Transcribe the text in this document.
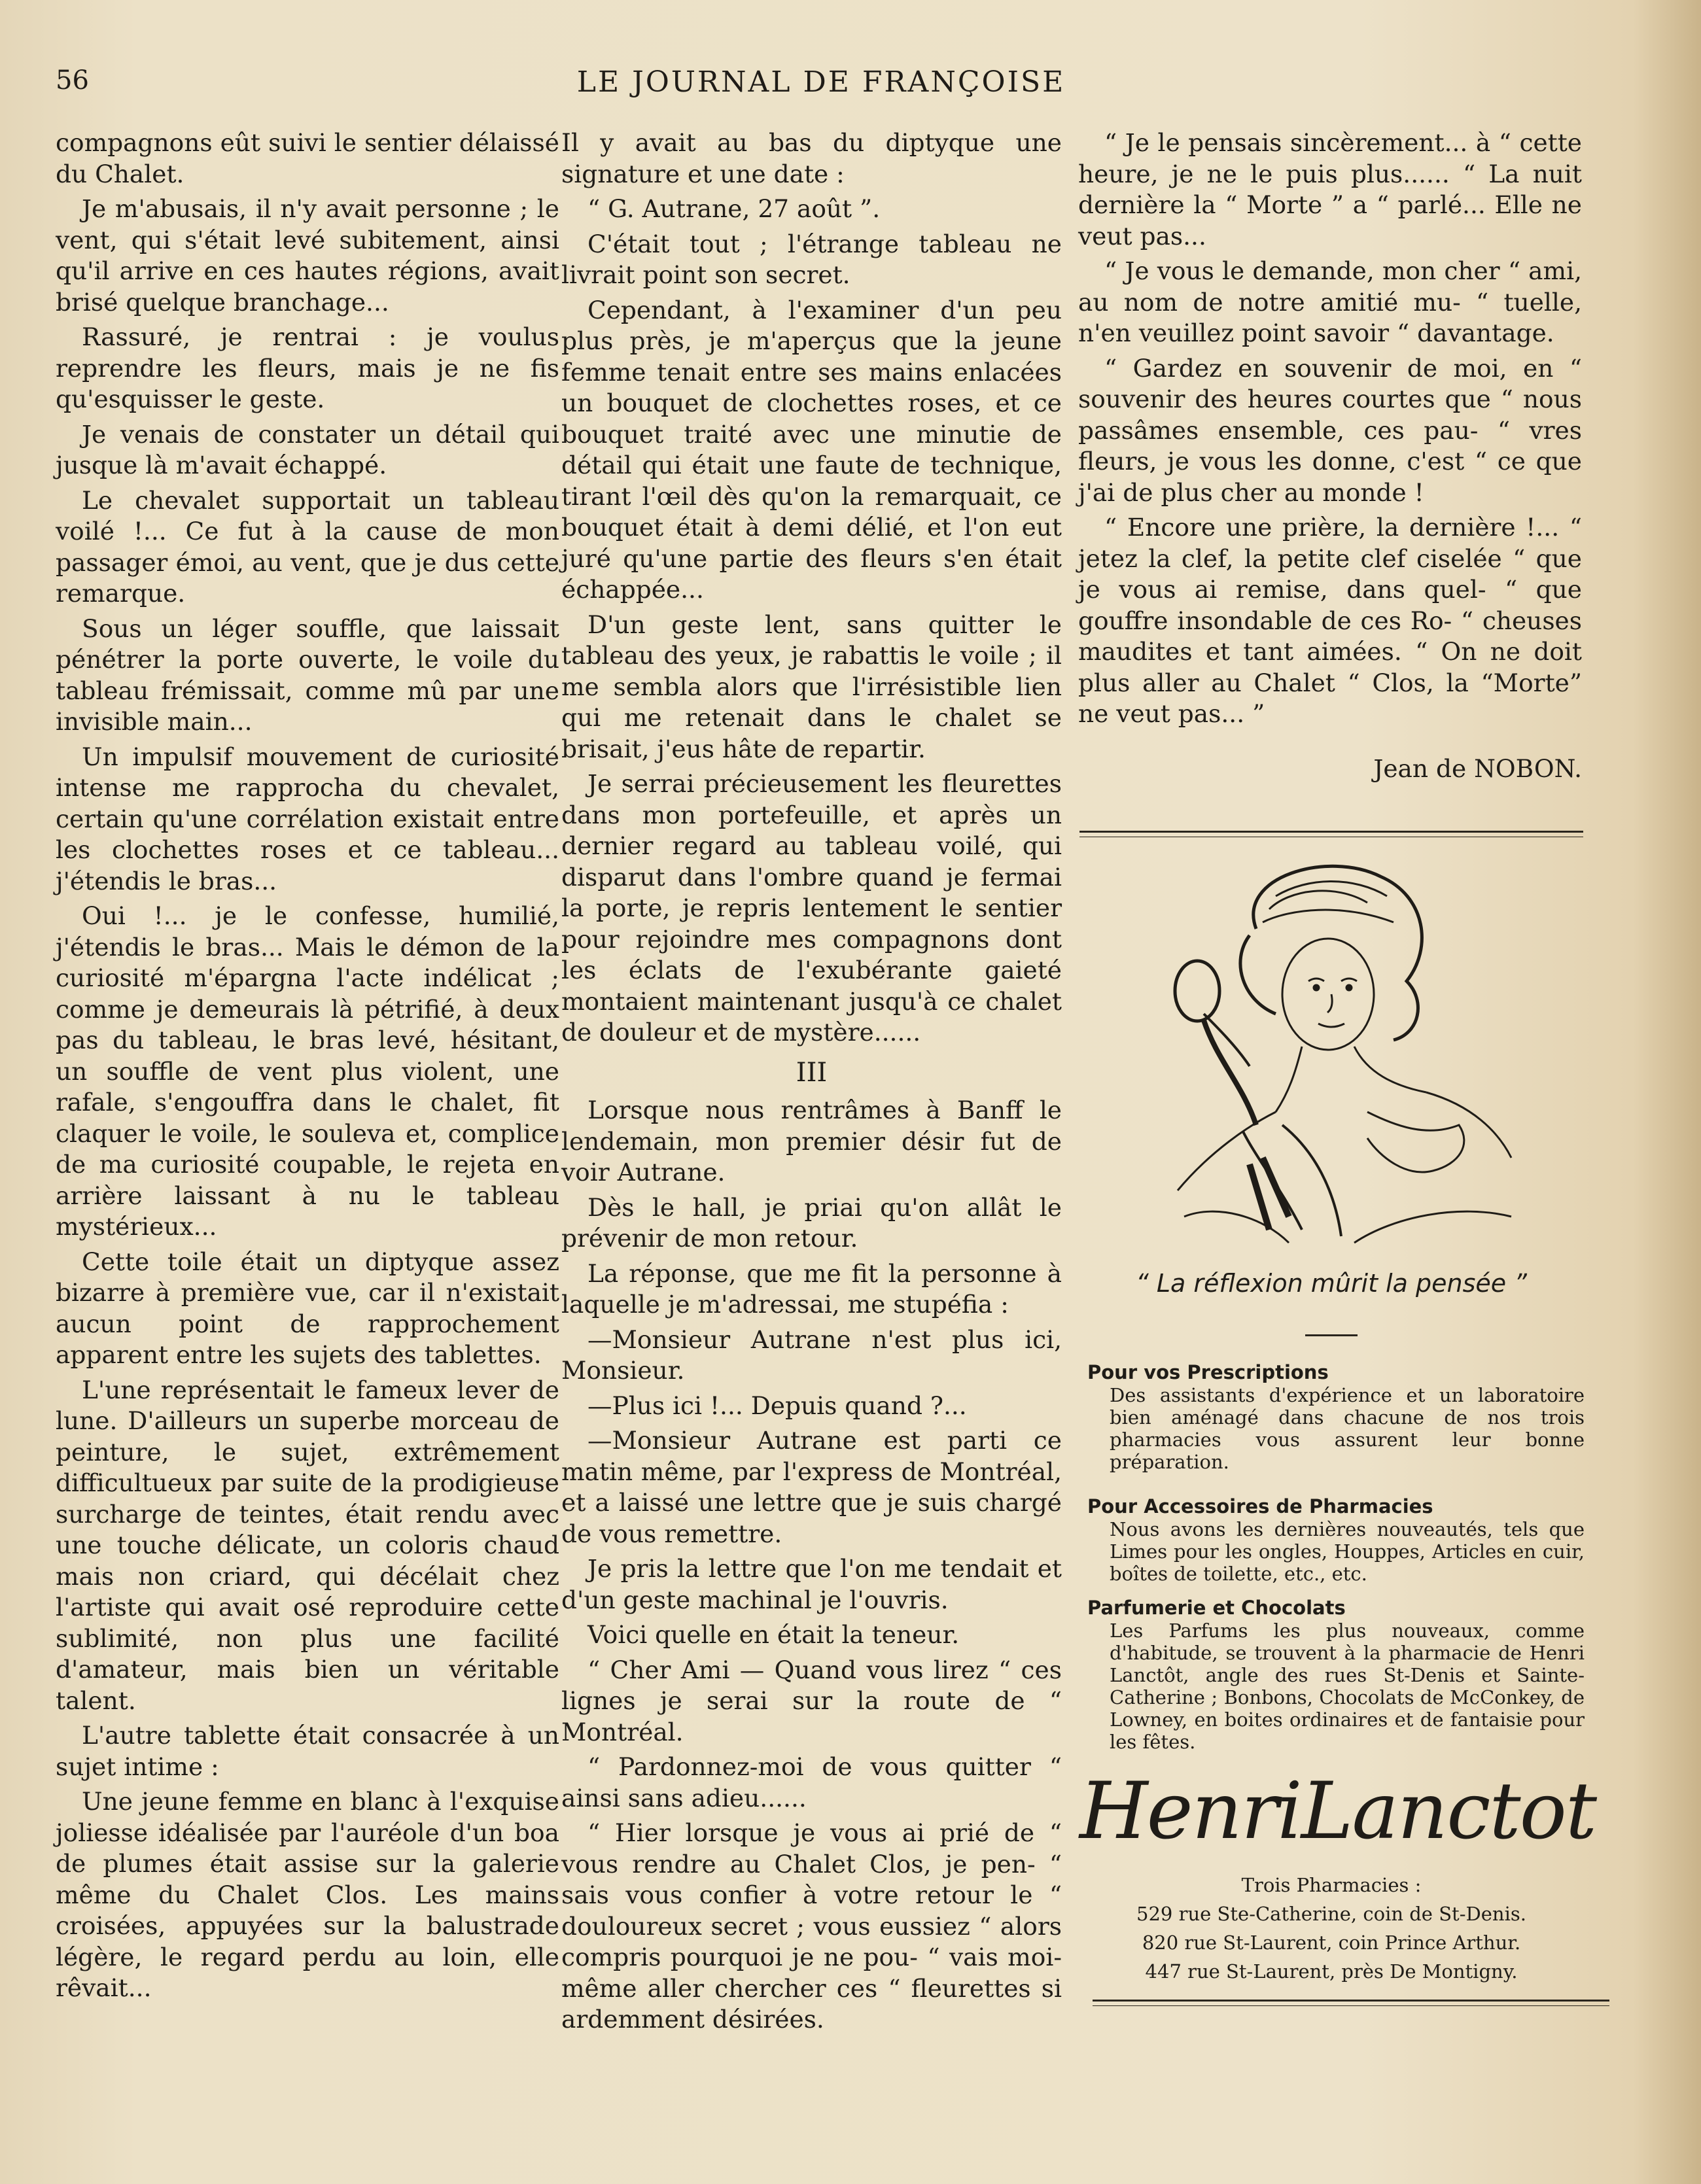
56	LE JOURNAL DE FRANÇOISE

compagnons eût suivi le sentier délaissé du Chalet.

Je m'abusais, il n'y avait personne ; le vent, qui s'était levé subitement, ainsi qu'il arrive en ces hautes régions, avait brisé quelque branchage...

Rassuré, je rentrai : je voulus reprendre les fleurs, mais je ne fis qu'esquisser le geste.

Je venais de constater un détail qui jusque là m'avait échappé.

Le chevalet supportait un tableau voilé !... Ce fut à la cause de mon passager émoi, au vent, que je dus cette remarque.

Sous un léger souffle, que laissait pénétrer la porte ouverte, le voile du tableau frémissait, comme mû par une invisible main...

Un impulsif mouvement de curiosité intense me rapprocha du chevalet, certain qu'une corrélation existait entre les clochettes roses et ce tableau... j'étendis le bras...

Oui !... je le confesse, humilié, j'étendis le bras... Mais le démon de la curiosité m'épargna l'acte indélicat ; comme je demeurais là pétrifié, à deux pas du tableau, le bras levé, hésitant, un souffle de vent plus violent, une rafale, s'engouffra dans le chalet, fit claquer le voile, le souleva et, complice de ma curiosité coupable, le rejeta en arrière laissant à nu le tableau mystérieux...

Cette toile était un diptyque assez bizarre à première vue, car il n'existait aucun point de rapprochement apparent entre les sujets des tablettes.

L'une représentait le fameux lever de lune. D'ailleurs un superbe morceau de peinture, le sujet, extrêmement difficultueux par suite de la prodigieuse surcharge de teintes, était rendu avec une touche délicate, un coloris chaud mais non criard, qui décélait chez l'artiste qui avait osé reproduire cette sublimité, non plus une facilité d'amateur, mais bien un véritable talent.

L'autre tablette était consacrée à un sujet intime :

Une jeune femme en blanc à l'exquise joliesse idéalisée par l'auréole d'un boa de plumes était assise sur la galerie même du Chalet Clos. Les mains croisées, appuyées sur la balustrade légère, le regard perdu au loin, elle rêvait...

Il y avait au bas du diptyque une signature et une date :

“ G. Autrane, 27 août ”.

C'était tout ; l'étrange tableau ne livrait point son secret.

Cependant, à l'examiner d'un peu plus près, je m'aperçus que la jeune femme tenait entre ses mains enlacées un bouquet de clochettes roses, et ce bouquet traité avec une minutie de détail qui était une faute de technique, tirant l'œil dès qu'on la remarquait, ce bouquet était à demi délié, et l'on eut juré qu'une partie des fleurs s'en était échappée...

D'un geste lent, sans quitter le tableau des yeux, je rabattis le voile ; il me sembla alors que l'irrésistible lien qui me retenait dans le chalet se brisait, j'eus hâte de repartir.

Je serrai précieusement les fleurettes dans mon portefeuille, et après un dernier regard au tableau voilé, qui disparut dans l'ombre quand je fermai la porte, je repris lentement le sentier pour rejoindre mes compagnons dont les éclats de l'exubérante gaieté montaient maintenant jusqu'à ce chalet de douleur et de mystère......

III

Lorsque nous rentrâmes à Banff le lendemain, mon premier désir fut de voir Autrane.

Dès le hall, je priai qu'on allât le prévenir de mon retour.

La réponse, que me fit la personne à laquelle je m'adressai, me stupéfia :

—Monsieur Autrane n'est plus ici, Monsieur.

—Plus ici !... Depuis quand ?...

—Monsieur Autrane est parti ce matin même, par l'express de Montréal, et a laissé une lettre que je suis chargé de vous remettre.

Je pris la lettre que l'on me tendait et d'un geste machinal je l'ouvris.

Voici quelle en était la teneur.

“ Cher Ami — Quand vous lirez “ ces lignes je serai sur la route de “ Montréal.

“ Pardonnez-moi de vous quitter “ ainsi sans adieu......

“ Hier lorsque je vous ai prié de “ vous rendre au Chalet Clos, je pen- “ sais vous confier à votre retour le “ douloureux secret ; vous eussiez “ alors compris pourquoi je ne pou- “ vais moi-même aller chercher ces “ fleurettes si ardemment désirées.

“ Je le pensais sincèrement... à “ cette heure, je ne le puis plus...... “ La nuit dernière la “ Morte ” a “ parlé... Elle ne veut pas...

“ Je vous le demande, mon cher “ ami, au nom de notre amitié mu- “ tuelle, n'en veuillez point savoir “ davantage.

“ Gardez en souvenir de moi, en “ souvenir des heures courtes que “ nous passâmes ensemble, ces pau- “ vres fleurs, je vous les donne, c'est “ ce que j'ai de plus cher au monde !

“ Encore une prière, la dernière !... “ jetez la clef, la petite clef ciselée “ que je vous ai remise, dans quel- “ que gouffre insondable de ces Ro- “ cheuses maudites et tant aimées. “ On ne doit plus aller au Chalet “ Clos, la “Morte” ne veut pas... ”

Jean de NOBON.

“ La réflexion mûrit la pensée ”
Pour vos Prescriptions
Des assistants d'expérience et un laboratoire bien aménagé dans chacune de nos trois pharmacies vous assurent leur bonne préparation.
Pour Accessoires de Pharmacies
Nous avons les dernières nouveautés, tels que Limes pour les ongles, Houppes, Articles en cuir, boîtes de toilette, etc., etc.
Parfumerie et Chocolats
Les Parfums les plus nouveaux, comme d'habitude, se trouvent à la pharmacie de Henri Lanctôt, angle des rues St-Denis et Sainte-Catherine ; Bonbons, Chocolats de McConkey, de Lowney, en boites ordinaires et de fantaisie pour les fêtes.
HenriLanctot
Trois Pharmacies :
529 rue Ste-Catherine, coin de St-Denis.
820 rue St-Laurent, coin Prince Arthur.
447 rue St-Laurent, près De Montigny.
